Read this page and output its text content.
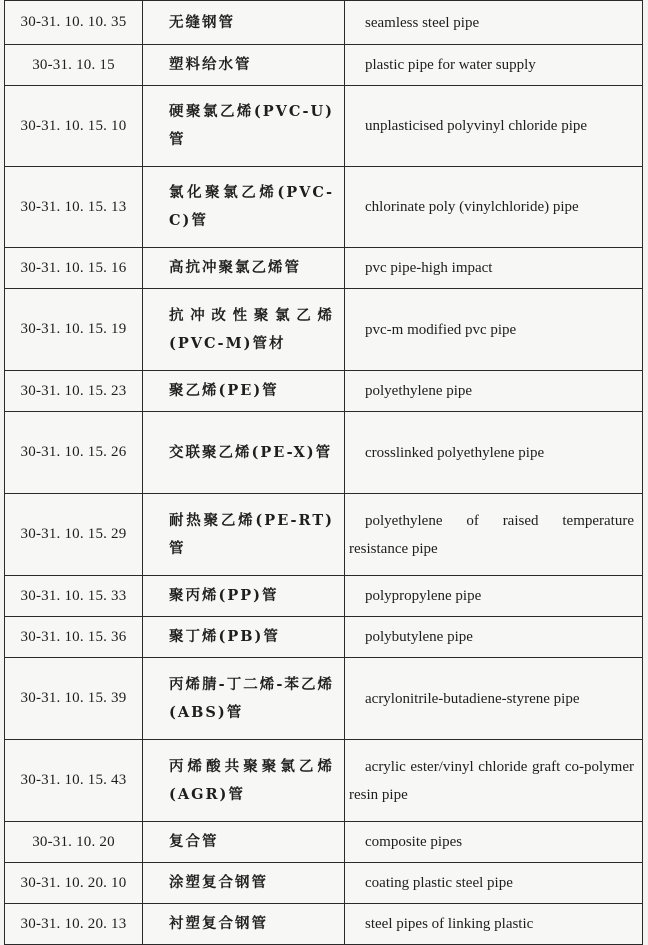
30-31. 10. 10. 35	无缝钢管	seamless steel pipe
30-31. 10. 15	塑料给水管	plastic pipe for water supply
30-31. 10. 15. 10	硬聚氯乙烯(PVC-U)管	unplasticised polyvinyl chloride pipe
30-31. 10. 15. 13	氯化聚氯乙烯(PVC-C)管	chlorinate poly (vinylchloride) pipe
30-31. 10. 15. 16	高抗冲聚氯乙烯管	pvc pipe-high impact
30-31. 10. 15. 19	抗冲改性聚氯乙烯(PVC-M)管材	pvc-m modified pvc pipe
30-31. 10. 15. 23	聚乙烯(PE)管	polyethylene pipe
30-31. 10. 15. 26	交联聚乙烯(PE-X)管	crosslinked polyethylene pipe
30-31. 10. 15. 29	耐热聚乙烯(PE-RT)管	polyethylene of raised temperature resistance pipe
30-31. 10. 15. 33	聚丙烯(PP)管	polypropylene pipe
30-31. 10. 15. 36	聚丁烯(PB)管	polybutylene pipe
30-31. 10. 15. 39	丙烯腈-丁二烯-苯乙烯(ABS)管	acrylonitrile-butadiene-styrene pipe
30-31. 10. 15. 43	丙烯酸共聚聚氯乙烯(AGR)管	acrylic ester/vinyl chloride graft co-polymer resin pipe
30-31. 10. 20	复合管	composite pipes
30-31. 10. 20. 10	涂塑复合钢管	coating plastic steel pipe
30-31. 10. 20. 13	衬塑复合钢管	steel pipes of linking plastic
